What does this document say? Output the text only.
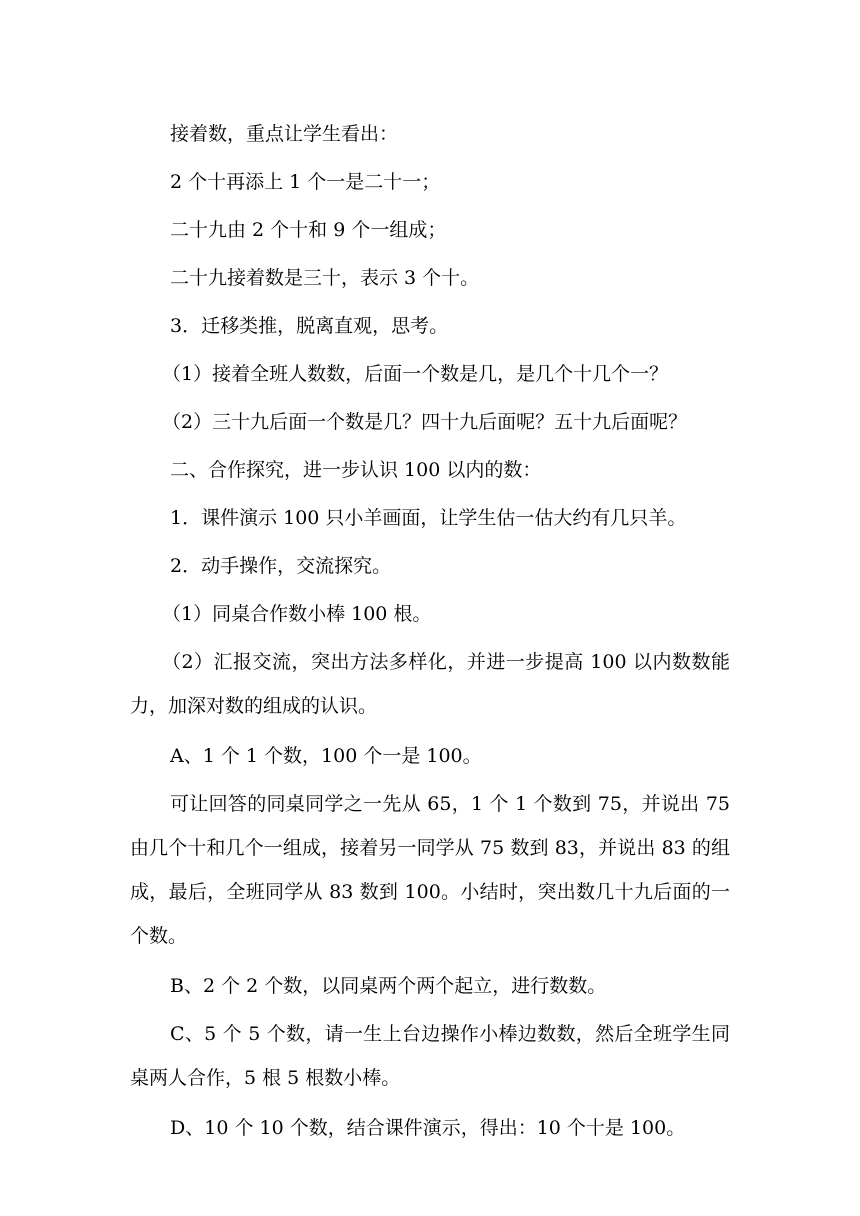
接着数，重点让学生看出：
2 个十再添上 1 个一是二十一；
二十九由 2 个十和 9 个一组成；
二十九接着数是三十，表示 3 个十。
3．迁移类推，脱离直观，思考。
（1）接着全班人数数，后面一个数是几，是几个十几个一？
（2）三十九后面一个数是几？四十九后面呢？五十九后面呢？
二、合作探究，进一步认识 100 以内的数：
1．课件演示 100 只小羊画面，让学生估一估大约有几只羊。
2．动手操作，交流探究。
（1）同桌合作数小棒 100 根。
（2）汇报交流，突出方法多样化，并进一步提高 100 以内数数能力，加深对数的组成的认识。
A、1 个 1 个数，100 个一是 100。
可让回答的同桌同学之一先从 65，1 个 1 个数到 75，并说出 75 由几个十和几个一组成，接着另一同学从 75 数到 83，并说出 83 的组成，最后，全班同学从 83 数到 100。小结时，突出数几十九后面的一个数。
B、2 个 2 个数，以同桌两个两个起立，进行数数。
C、5 个 5 个数，请一生上台边操作小棒边数数，然后全班学生同桌两人合作，5 根 5 根数小棒。
D、10 个 10 个数，结合课件演示，得出：10 个十是 100。
